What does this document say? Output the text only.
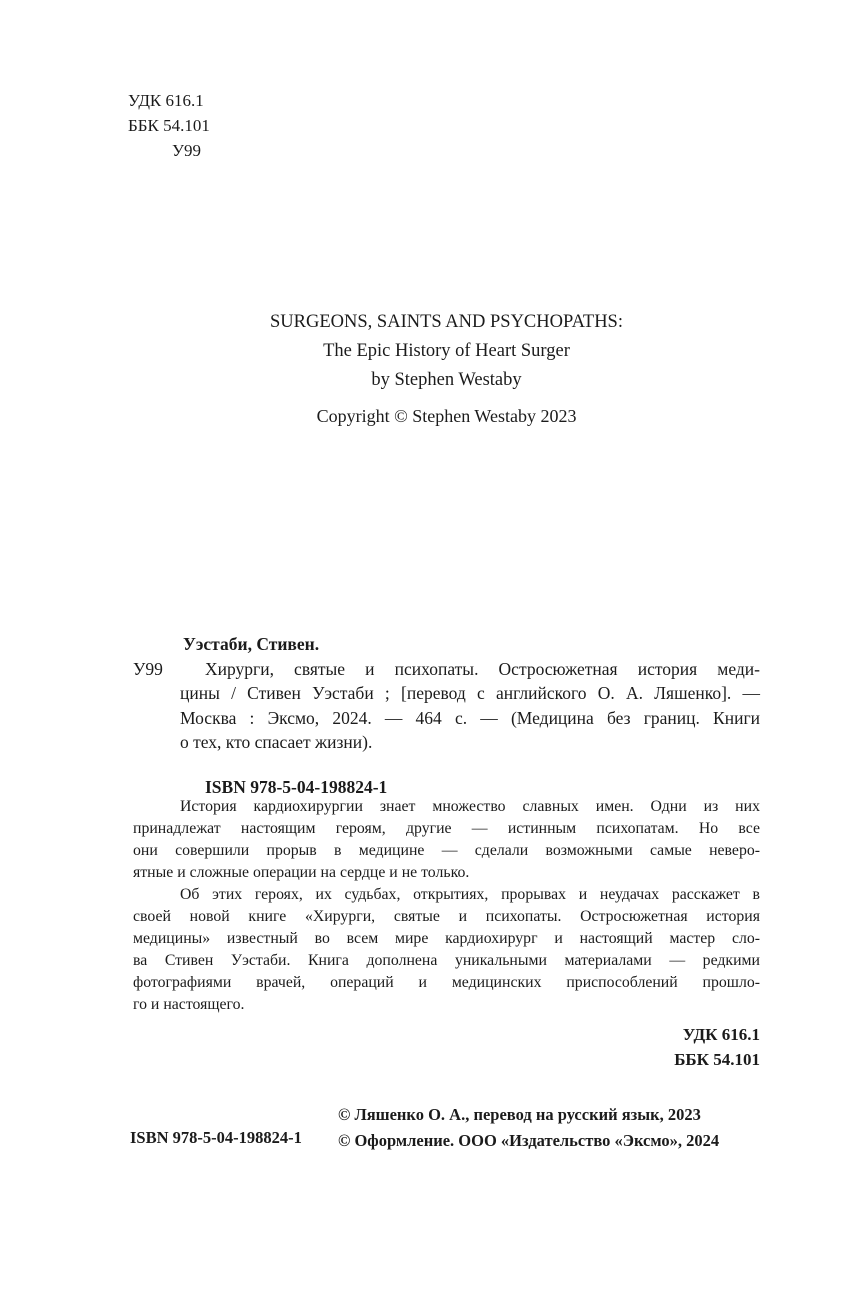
УДК 616.1
ББК 54.101
У99
SURGEONS, SAINTS AND PSYCHOPATHS:
The Epic History of Heart Surger
by Stephen Westaby
Copyright © Stephen Westaby 2023
Уэстаби, Стивен.
У99	Хирурги, святые и психопаты. Остросюжетная история меди-
цины / Стивен Уэстаби ; [перевод с английского О. А. Ляшенко]. —
Москва : Эксмо, 2024. — 464 с. — (Медицина без границ. Книги
о тех, кто спасает жизни).
ISBN 978-5-04-198824-1
История кардиохирургии знает множество славных имен. Одни из них
принадлежат настоящим героям, другие — истинным психопатам. Но все
они совершили прорыв в медицине — сделали возможными самые неверо-
ятные и сложные операции на сердце и не только.
Об этих героях, их судьбах, открытиях, прорывах и неудачах расскажет в
своей новой книге «Хирурги, святые и психопаты. Остросюжетная история
медицины» известный во всем мире кардиохирург и настоящий мастер сло-
ва Стивен Уэстаби. Книга дополнена уникальными материалами — редкими
фотографиями врачей, операций и медицинских приспособлений прошло-
го и настоящего.
УДК 616.1
ББК 54.101
ISBN 978-5-04-198824-1
© Ляшенко О. А., перевод на русский язык, 2023
© Оформление. ООО «Издательство «Эксмо», 2024
